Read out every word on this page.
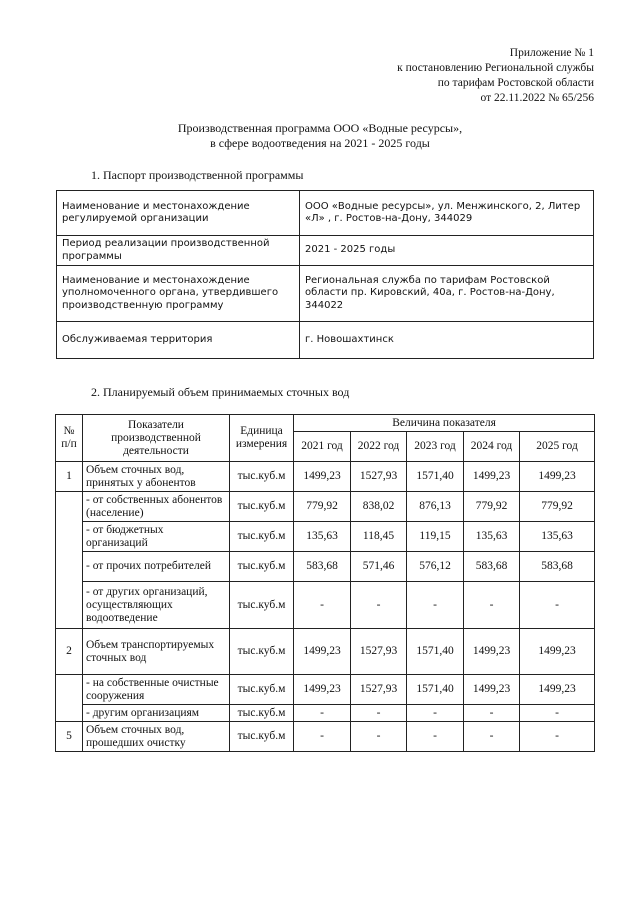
Приложение № 1
к постановлению Региональной службы
по тарифам Ростовской области
от 22.11.2022 № 65/256
Производственная программа ООО «Водные ресурсы»,
в сфере водоотведения на 2021 - 2025 годы
1. Паспорт производственной программы
Наименование и местонахождение регулируемой организации	ООО «Водные ресурсы», ул. Менжинского, 2, Литер «Л» , г. Ростов-на-Дону, 344029
Период реализации производственной программы	2021 - 2025 годы
Наименование и местонахождение уполномоченного органа, утвердившего производственную программу	Региональная служба по тарифам Ростовской области пр. Кировский, 40а, г. Ростов-на-Дону, 344022
Обслуживаемая территория	г. Новошахтинск
2. Планируемый объем принимаемых сточных вод
№ п/п	Показатели производственной деятельности	Единица измерения	Величина показателя				
			2021 год	2022 год	2023 год	2024 год	2025 год
1	Объем сточных вод, принятых у абонентов	тыс.куб.м	1499,23	1527,93	1571,40	1499,23	1499,23
	- от собственных абонентов (население)	тыс.куб.м	779,92	838,02	876,13	779,92	779,92
	- от бюджетных организаций	тыс.куб.м	135,63	118,45	119,15	135,63	135,63
	- от прочих потребителей	тыс.куб.м	583,68	571,46	576,12	583,68	583,68
	- от других организаций, осуществляющих водоотведение	тыс.куб.м	-	-	-	-	-
2	Объем транспортируемых сточных вод	тыс.куб.м	1499,23	1527,93	1571,40	1499,23	1499,23
	- на собственные очистные сооружения	тыс.куб.м	1499,23	1527,93	1571,40	1499,23	1499,23
	- другим организациям	тыс.куб.м	-	-	-	-	-
5	Объем сточных вод, прошедших очистку	тыс.куб.м	-	-	-	-	-
